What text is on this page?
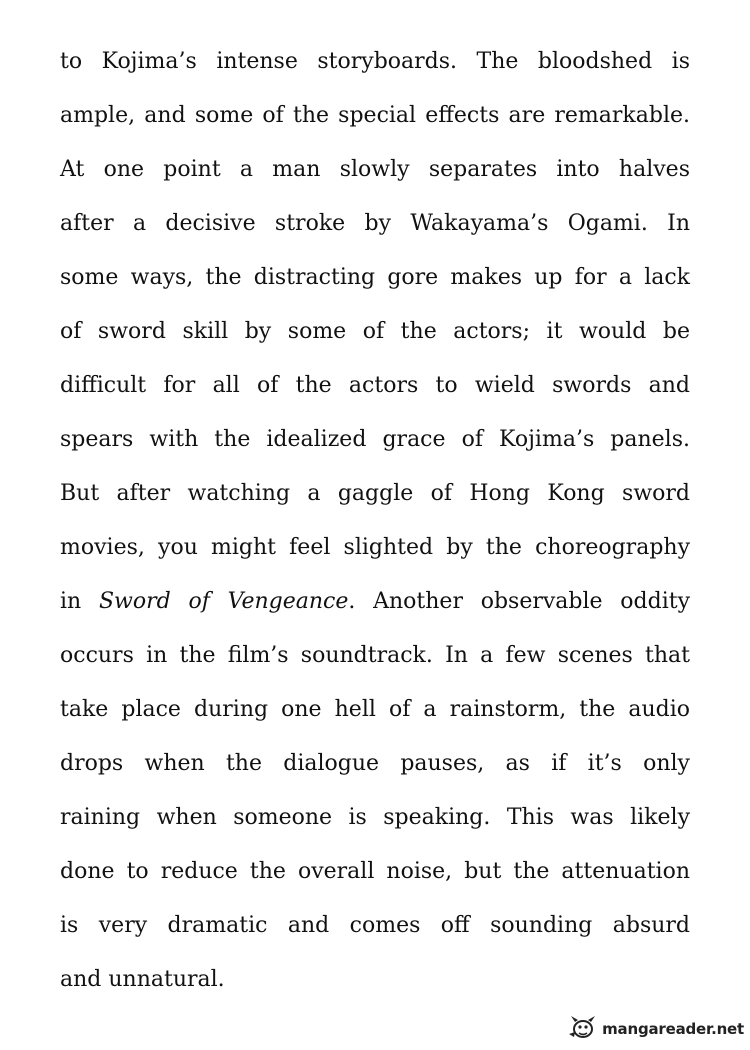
to Kojima’s intense storyboards. The bloodshed is
ample, and some of the special effects are remarkable.
At one point a man slowly separates into halves
after a decisive stroke by Wakayama’s Ogami. In
some ways, the distracting gore makes up for a lack
of sword skill by some of the actors; it would be
difficult for all of the actors to wield swords and
spears with the idealized grace of Kojima’s panels.
But after watching a gaggle of Hong Kong sword
movies, you might feel slighted by the choreography
in Sword of Vengeance. Another observable oddity
occurs in the film’s soundtrack. In a few scenes that
take place during one hell of a rainstorm, the audio
drops when the dialogue pauses, as if it’s only
raining when someone is speaking. This was likely
done to reduce the overall noise, but the attenuation
is very dramatic and comes off sounding absurd
and unnatural.
mangareader.net
